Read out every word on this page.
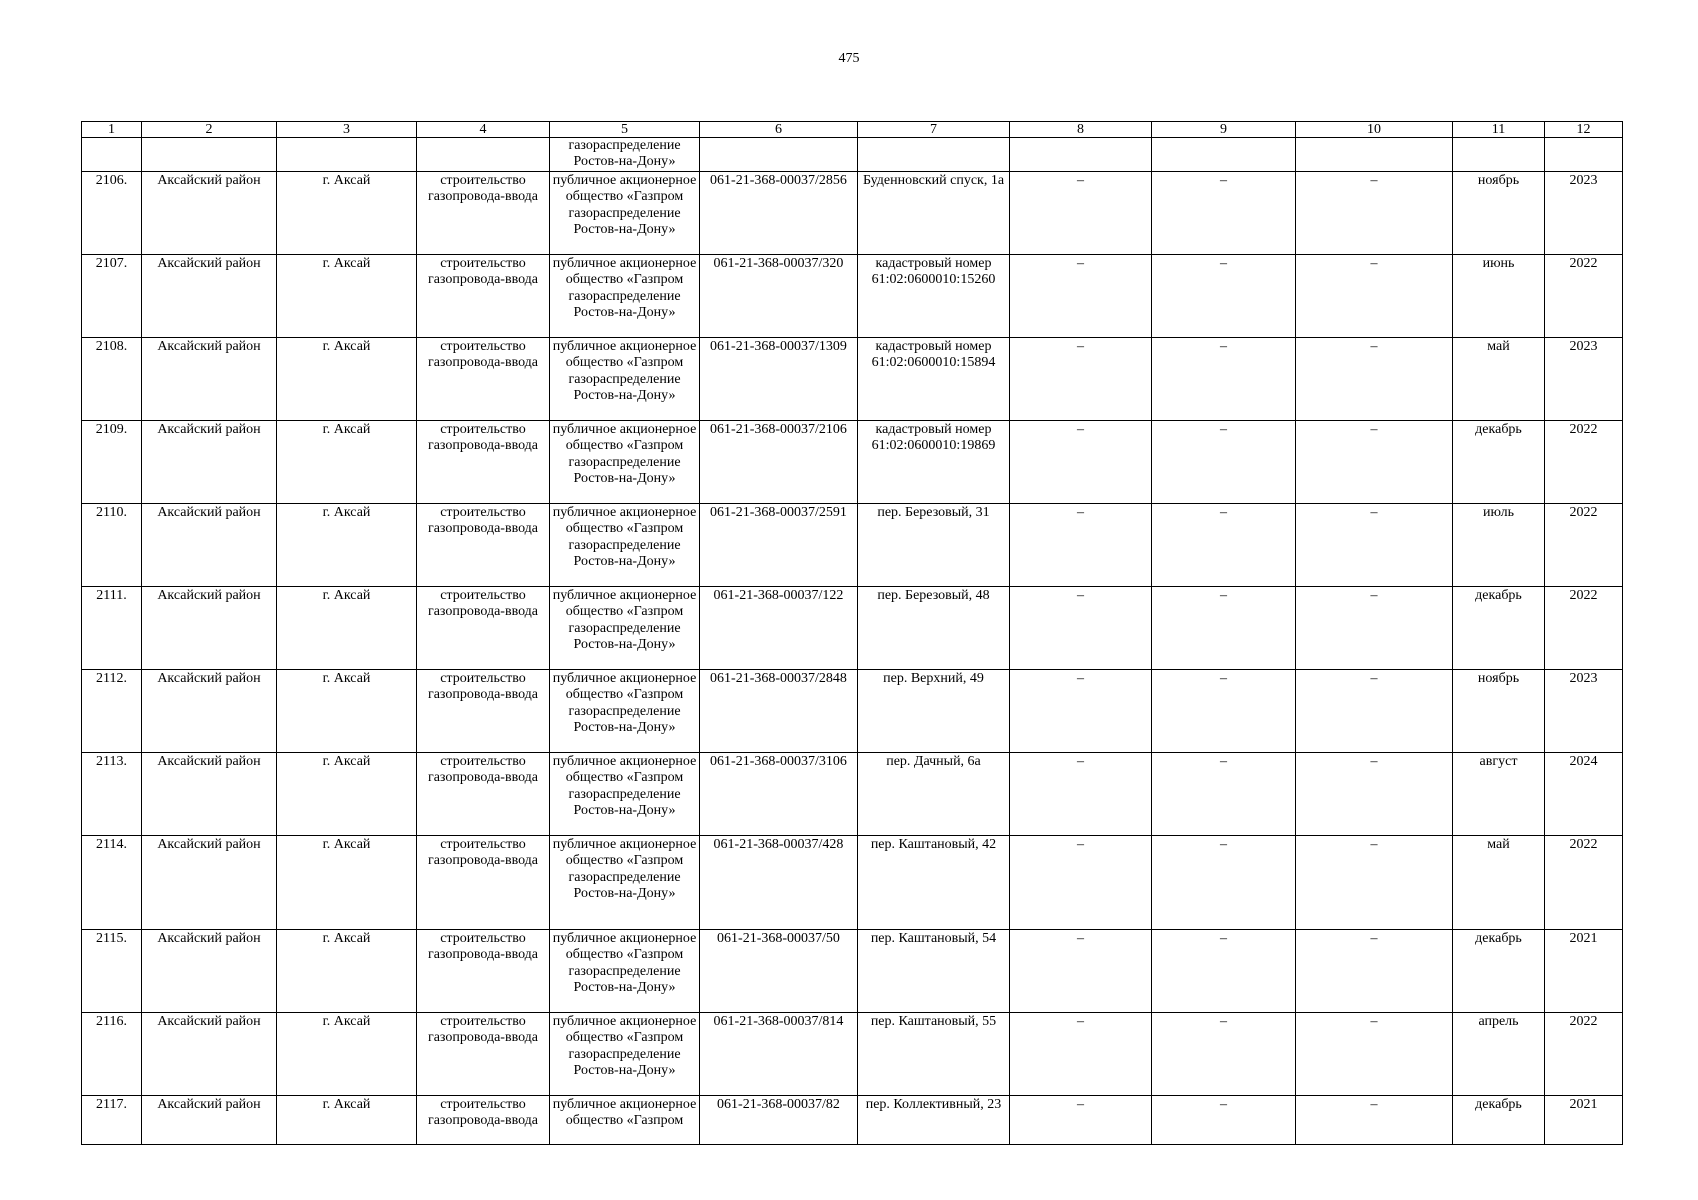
475
1	2	3	4	5	6	7	8	9	10	11	12
				газораспределение Ростов-на-Дону»							
2106.	Аксайский район	г. Аксай	строительство газопровода-ввода	публичное акционерное общество «Газпром газораспределение Ростов-на-Дону»	061-21-368-00037/2856	Буденновский спуск, 1а	–	–	–	ноябрь	2023
2107.	Аксайский район	г. Аксай	строительство газопровода-ввода	публичное акционерное общество «Газпром газораспределение Ростов-на-Дону»	061-21-368-00037/320	кадастровый номер 61:02:0600010:15260	–	–	–	июнь	2022
2108.	Аксайский район	г. Аксай	строительство газопровода-ввода	публичное акционерное общество «Газпром газораспределение Ростов-на-Дону»	061-21-368-00037/1309	кадастровый номер 61:02:0600010:15894	–	–	–	май	2023
2109.	Аксайский район	г. Аксай	строительство газопровода-ввода	публичное акционерное общество «Газпром газораспределение Ростов-на-Дону»	061-21-368-00037/2106	кадастровый номер 61:02:0600010:19869	–	–	–	декабрь	2022
2110.	Аксайский район	г. Аксай	строительство газопровода-ввода	публичное акционерное общество «Газпром газораспределение Ростов-на-Дону»	061-21-368-00037/2591	пер. Березовый, 31	–	–	–	июль	2022
2111.	Аксайский район	г. Аксай	строительство газопровода-ввода	публичное акционерное общество «Газпром газораспределение Ростов-на-Дону»	061-21-368-00037/122	пер. Березовый, 48	–	–	–	декабрь	2022
2112.	Аксайский район	г. Аксай	строительство газопровода-ввода	публичное акционерное общество «Газпром газораспределение Ростов-на-Дону»	061-21-368-00037/2848	пер. Верхний, 49	–	–	–	ноябрь	2023
2113.	Аксайский район	г. Аксай	строительство газопровода-ввода	публичное акционерное общество «Газпром газораспределение Ростов-на-Дону»	061-21-368-00037/3106	пер. Дачный, 6а	–	–	–	август	2024
2114.	Аксайский район	г. Аксай	строительство газопровода-ввода	публичное акционерное общество «Газпром газораспределение Ростов-на-Дону»	061-21-368-00037/428	пер. Каштановый, 42	–	–	–	май	2022
2115.	Аксайский район	г. Аксай	строительство газопровода-ввода	публичное акционерное общество «Газпром газораспределение Ростов-на-Дону»	061-21-368-00037/50	пер. Каштановый, 54	–	–	–	декабрь	2021
2116.	Аксайский район	г. Аксай	строительство газопровода-ввода	публичное акционерное общество «Газпром газораспределение Ростов-на-Дону»	061-21-368-00037/814	пер. Каштановый, 55	–	–	–	апрель	2022
2117.	Аксайский район	г. Аксай	строительство газопровода-ввода	публичное акционерное общество «Газпром	061-21-368-00037/82	пер. Коллективный, 23	–	–	–	декабрь	2021
